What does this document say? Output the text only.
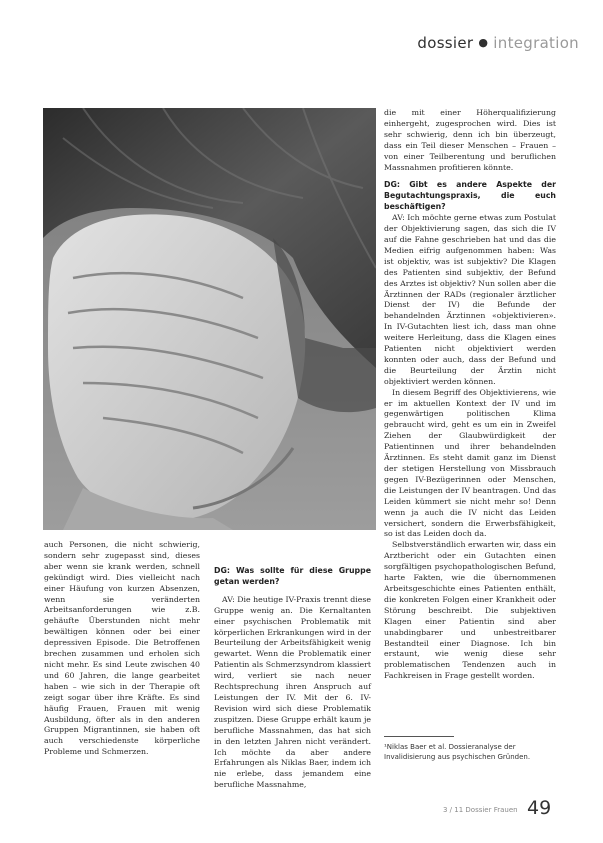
dossier ● integration

auch Personen, die nicht schwierig, sondern sehr zugepasst sind, dieses aber wenn sie krank werden, schnell gekündigt wird. Dies vielleicht nach einer Häufung von kurzen Absenzen, wenn sie veränderten Arbeitsanforderungen wie z.B. gehäufte Überstunden nicht mehr bewältigen können oder bei einer depressiven Episode. Die Betroffenen brechen zusammen und erholen sich nicht mehr. Es sind Leute zwischen 40 und 60 Jahren, die lange gearbeitet haben – wie sich in der Therapie oft zeigt sogar über ihre Kräfte. Es sind häufig Frauen, Frauen mit wenig Ausbildung, öfter als in den anderen Gruppen Migrantinnen, sie haben oft auch verschiedenste körperliche Probleme und Schmerzen.

DG: Was sollte für diese Gruppe getan werden?

AV: Die heutige IV-Praxis trennt diese Gruppe wenig an. Die Kernaltanten einer psychischen Problematik mit körperlichen Erkrankungen wird in der Beurteilung der Arbeitsfähigkeit wenig gewartet. Wenn die Problematik einer Patientin als Schmerzsyndrom klassiert wird, verliert sie nach neuer Rechtsprechung ihren Anspruch auf Leistungen der IV. Mit der 6. IV-Revision wird sich diese Problematik zuspitzen. Diese Gruppe erhält kaum je berufliche Massnahmen, das hat sich in den letzten Jahren nicht verändert. Ich möchte da aber andere Erfahrungen als Niklas Baer, indem ich nie erlebe, dass jemandem eine berufliche Massnahme,

die mit einer Höherqualifizierung einhergeht, zugesprochen wird. Dies ist sehr schwierig, denn ich bin überzeugt, dass ein Teil dieser Menschen – Frauen – von einer Teilberentung und beruflichen Massnahmen profitieren könnte.

DG: Gibt es andere Aspekte der Begutachtungspraxis, die euch beschäftigen?

AV: Ich möchte gerne etwas zum Postulat der Objektivierung sagen, das sich die IV auf die Fahne geschrieben hat und das die Medien eifrig aufgenommen haben: Was ist objektiv, was ist subjektiv? Die Klagen des Patienten sind subjektiv, der Befund des Arztes ist objektiv? Nun sollen aber die Ärztinnen der RADs (regionaler ärztlicher Dienst der IV) die Befunde der behandelnden Ärztinnen «objektivieren». In IV-Gutachten liest ich, dass man ohne weitere Herleitung, dass die Klagen eines Patienten nicht objektiviert werden konnten oder auch, dass der Befund und die Beurteilung der Ärztin nicht objektiviert werden können.

In diesem Begriff des Objektivierens, wie er im aktuellen Kontext der IV und im gegenwärtigen politischen Klima gebraucht wird, geht es um ein in Zweifel Ziehen der Glaubwürdigkeit der Patientinnen und ihrer behandelnden Ärztinnen. Es steht damit ganz im Dienst der stetigen Herstellung von Missbrauch gegen IV-Bezügerinnen oder Menschen, die Leistungen der IV beantragen. Und das Leiden kümmert sie nicht mehr so! Denn wenn ja auch die IV nicht das Leiden versichert, sondern die Erwerbsfähigkeit, so ist das Leiden doch da.

Selbstverständlich erwarten wir, dass ein Arztbericht oder ein Gutachten einen sorgfältigen psychopathologischen Befund, harte Fakten, wie die übernommenen Arbeitsgeschichte eines Patienten enthält, die konkreten Folgen einer Krankheit oder Störung beschreibt. Die subjektiven Klagen einer Patientin sind aber unabdingbarer und unbestreitbarer Bestandteil einer Diagnose. Ich bin erstaunt, wie wenig diese sehr problematischen Tendenzen auch in Fachkreisen in Frage gestellt worden.

¹Niklas Baer et al. Dossieranalyse der Invalidisierung aus psychischen Gründen.
3 / 11 Dossier Frauen 49
